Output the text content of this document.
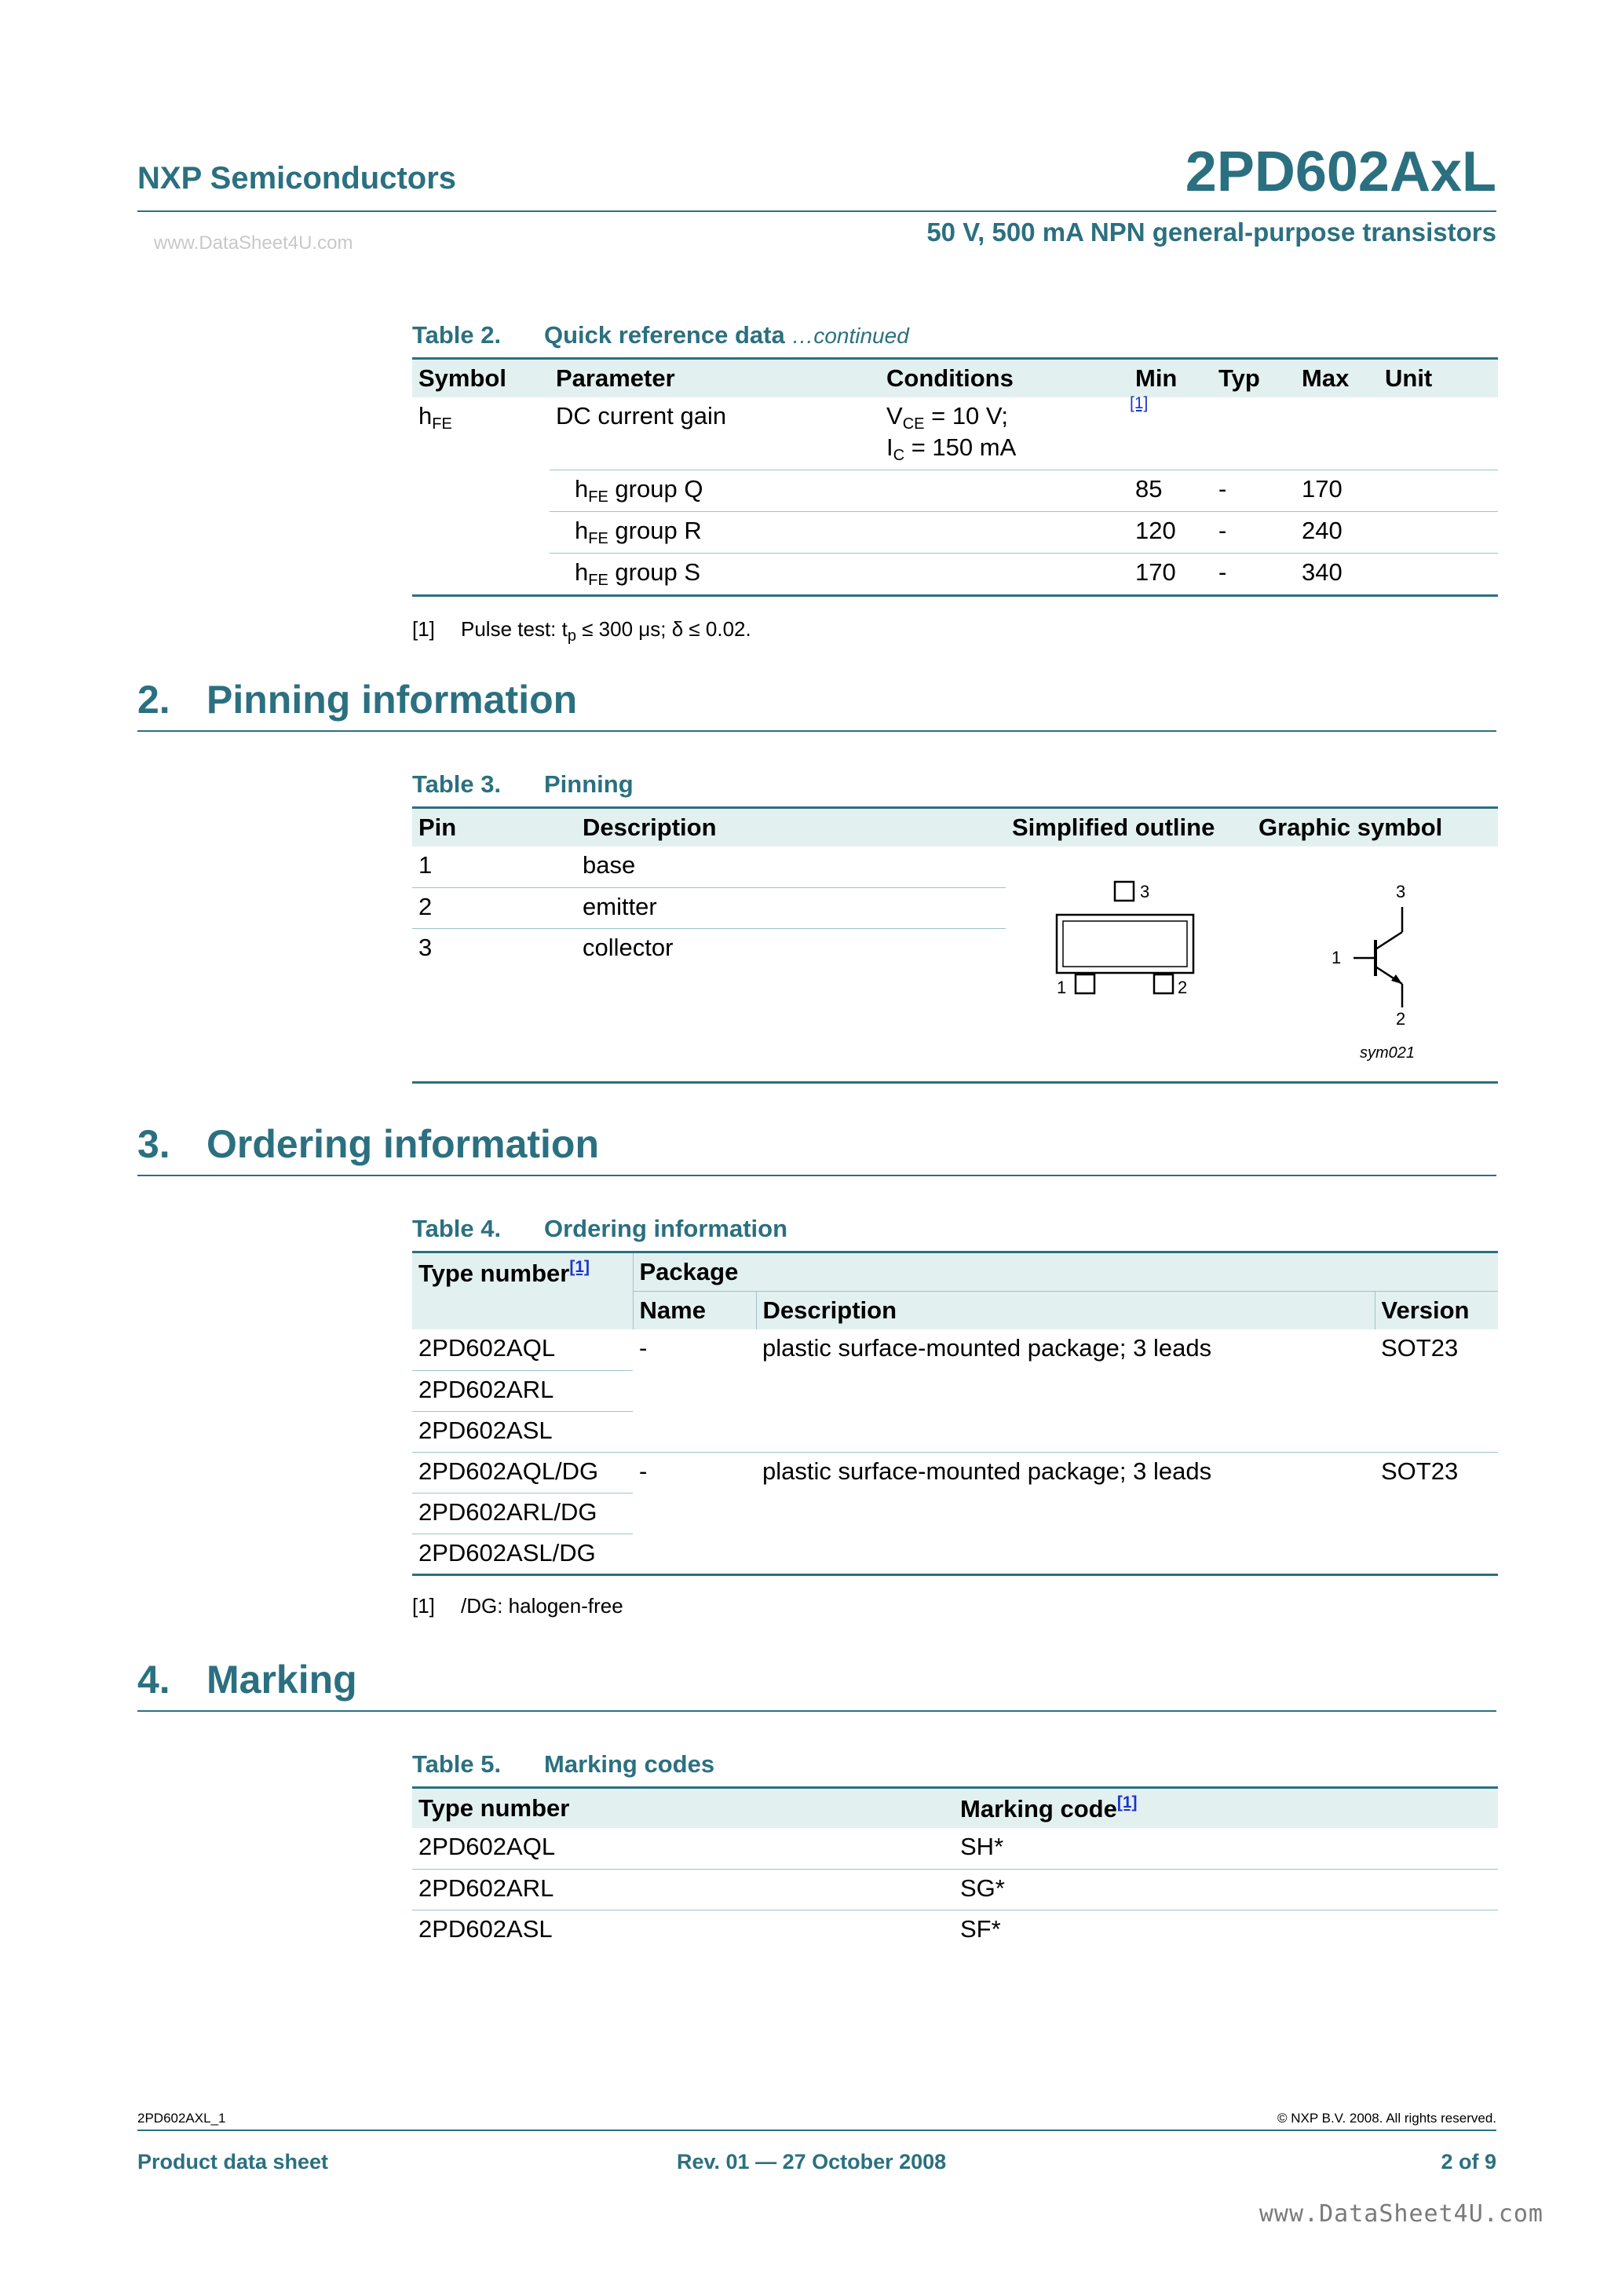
NXP Semiconductors	2PD602AxL
50 V, 500 mA NPN general-purpose transistors
www.DataSheet4U.com
Table 2. Quick reference data …continued
Symbol	Parameter	Conditions	Min	Typ	Max	Unit
$h_{FE}$	DC current gain	$V_{CE} = 10$ V;
$I_C = 150$ mA
[1]				

	$h_{FE}$ group Q		85	-	170	
	$h_{FE}$ group R		120	-	240	
	$h_{FE}$ group S		170	-	340	
[1] Pulse test: $t_p \le 300$ μs; δ ≤ 0.02.
2. Pinning information
Table 3. Pinning
Pin	Description	Simplified outline	Graphic symbol
1	base		
2	emitter		
3	collector		
3
1	2
3
1
2
sym021
3. Ordering information
Table 4. Ordering information
Type number[1]	Package		
	Name	Description	Version
2PD602AQL	-	plastic surface-mounted package; 3 leads	SOT23
2PD602ARL			
2PD602ASL			
2PD602AQL/DG	-	plastic surface-mounted package; 3 leads	SOT23
2PD602ARL/DG			
2PD602ASL/DG			
[1] /DG: halogen-free
4. Marking
Table 5. Marking codes
Type number	Marking code[1]
2PD602AQL	SH*
2PD602ARL	SG*
2PD602ASL	SF*
2PD602AXL_1	© NXP B.V. 2008. All rights reserved.
Product data sheet	Rev. 01 — 27 October 2008	2 of 9
www.DataSheet4U.com
